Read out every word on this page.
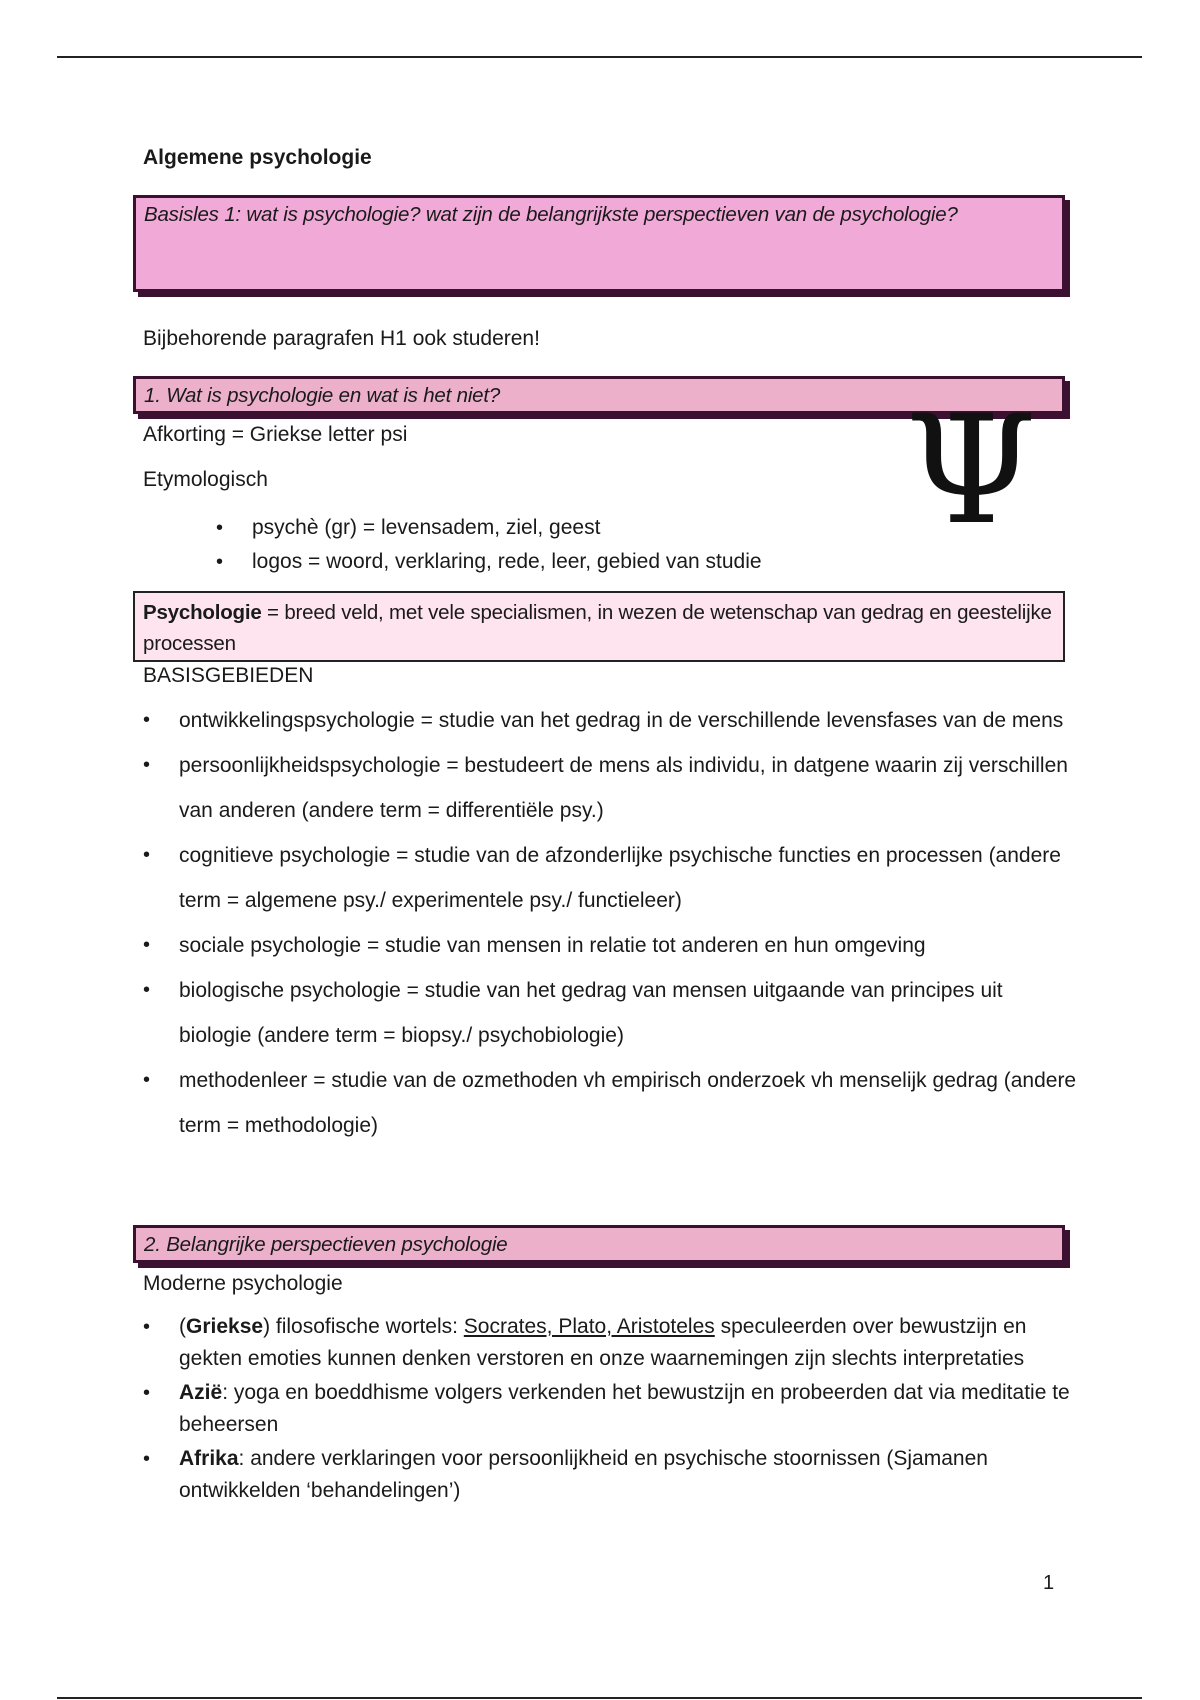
Algemene psychologie
Basisles 1: wat is psychologie? wat zijn de belangrijkste perspectieven van de psychologie?
Bijbehorende paragrafen H1 ook studeren!
1. Wat is psychologie en wat is het niet?
Afkorting = Griekse letter psi
Etymologisch	Ψ
• psychè (gr) = levensadem, ziel, geest
• logos = woord, verklaring, rede, leer, gebied van studie
Psychologie = breed veld, met vele specialismen, in wezen de wetenschap van gedrag en geestelijke processen
BASISGEBIEDEN
• ontwikkelingspsychologie = studie van het gedrag in de verschillende levensfases van de mens
• persoonlijkheidspsychologie = bestudeert de mens als individu, in datgene waarin zij verschillen van anderen (andere term = differentiële psy.)
• cognitieve psychologie = studie van de afzonderlijke psychische functies en processen (andere term = algemene psy./ experimentele psy./ functieleer)
• sociale psychologie = studie van mensen in relatie tot anderen en hun omgeving
• biologische psychologie = studie van het gedrag van mensen uitgaande van principes uit biologie (andere term = biopsy./ psychobiologie)
• methodenleer = studie van de ozmethoden vh empirisch onderzoek vh menselijk gedrag (andere term = methodologie)
2. Belangrijke perspectieven psychologie
Moderne psychologie
• (Griekse) filosofische wortels: Socrates, Plato, Aristoteles speculeerden over bewustzijn en gekten emoties kunnen denken verstoren en onze waarnemingen zijn slechts interpretaties
• Azië: yoga en boeddhisme volgers verkenden het bewustzijn en probeerden dat via meditatie te beheersen
• Afrika: andere verklaringen voor persoonlijkheid en psychische stoornissen (Sjamanen ontwikkelden ‘behandelingen’)
1
